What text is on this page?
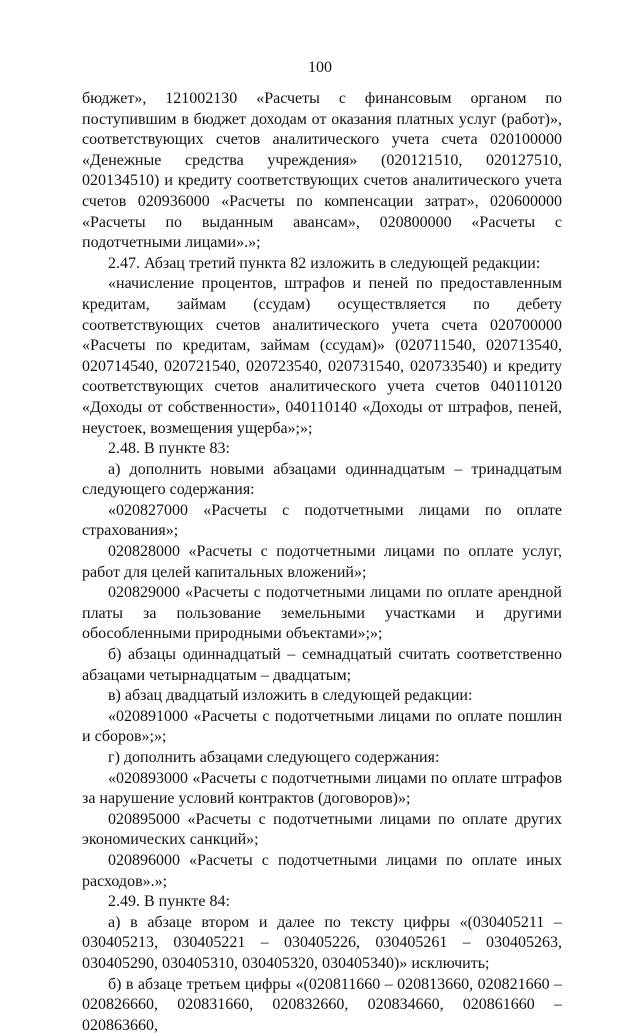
100

бюджет», 121002130 «Расчеты с финансовым органом по поступившим в бюджет доходам от оказания платных услуг (работ)», соответствующих счетов аналитического учета счета 020100000 «Денежные средства учреждения» (020121510, 020127510, 020134510) и кредиту соответствующих счетов аналитического учета счетов 020936000 «Расчеты по компенсации затрат», 020600000 «Расчеты по выданным авансам», 020800000 «Расчеты с подотчетными лицами».»;

2.47. Абзац третий пункта 82 изложить в следующей редакции:

«начисление процентов, штрафов и пеней по предоставленным кредитам, займам (ссудам) осуществляется по дебету соответствующих счетов аналитического учета счета 020700000 «Расчеты по кредитам, займам (ссудам)» (020711540, 020713540, 020714540, 020721540, 020723540, 020731540, 020733540) и кредиту соответствующих счетов аналитического учета счетов 040110120 «Доходы от собственности», 040110140 «Доходы от штрафов, пеней, неустоек, возмещения ущерба»;»;

2.48. В пункте 83:

а) дополнить новыми абзацами одиннадцатым – тринадцатым следующего содержания:

«020827000 «Расчеты с подотчетными лицами по оплате страхования»;

020828000 «Расчеты с подотчетными лицами по оплате услуг, работ для целей капитальных вложений»;

020829000 «Расчеты с подотчетными лицами по оплате арендной платы за пользование земельными участками и другими обособленными природными объектами»;»;

б) абзацы одиннадцатый – семнадцатый считать соответственно абзацами четырнадцатым – двадцатым;

в) абзац двадцатый изложить в следующей редакции:

«020891000 «Расчеты с подотчетными лицами по оплате пошлин и сборов»;»;

г) дополнить абзацами следующего содержания:

«020893000 «Расчеты с подотчетными лицами по оплате штрафов за нарушение условий контрактов (договоров)»;

020895000 «Расчеты с подотчетными лицами по оплате других экономических санкций»;

020896000 «Расчеты с подотчетными лицами по оплате иных расходов».»;

2.49. В пункте 84:

а) в абзаце втором и далее по тексту цифры «(030405211 – 030405213, 030405221 – 030405226, 030405261 – 030405263, 030405290, 030405310, 030405320, 030405340)» исключить;

б) в абзаце третьем цифры «(020811660 – 020813660, 020821660 – 020826660, 020831660, 020832660, 020834660, 020861660 – 020863660,
